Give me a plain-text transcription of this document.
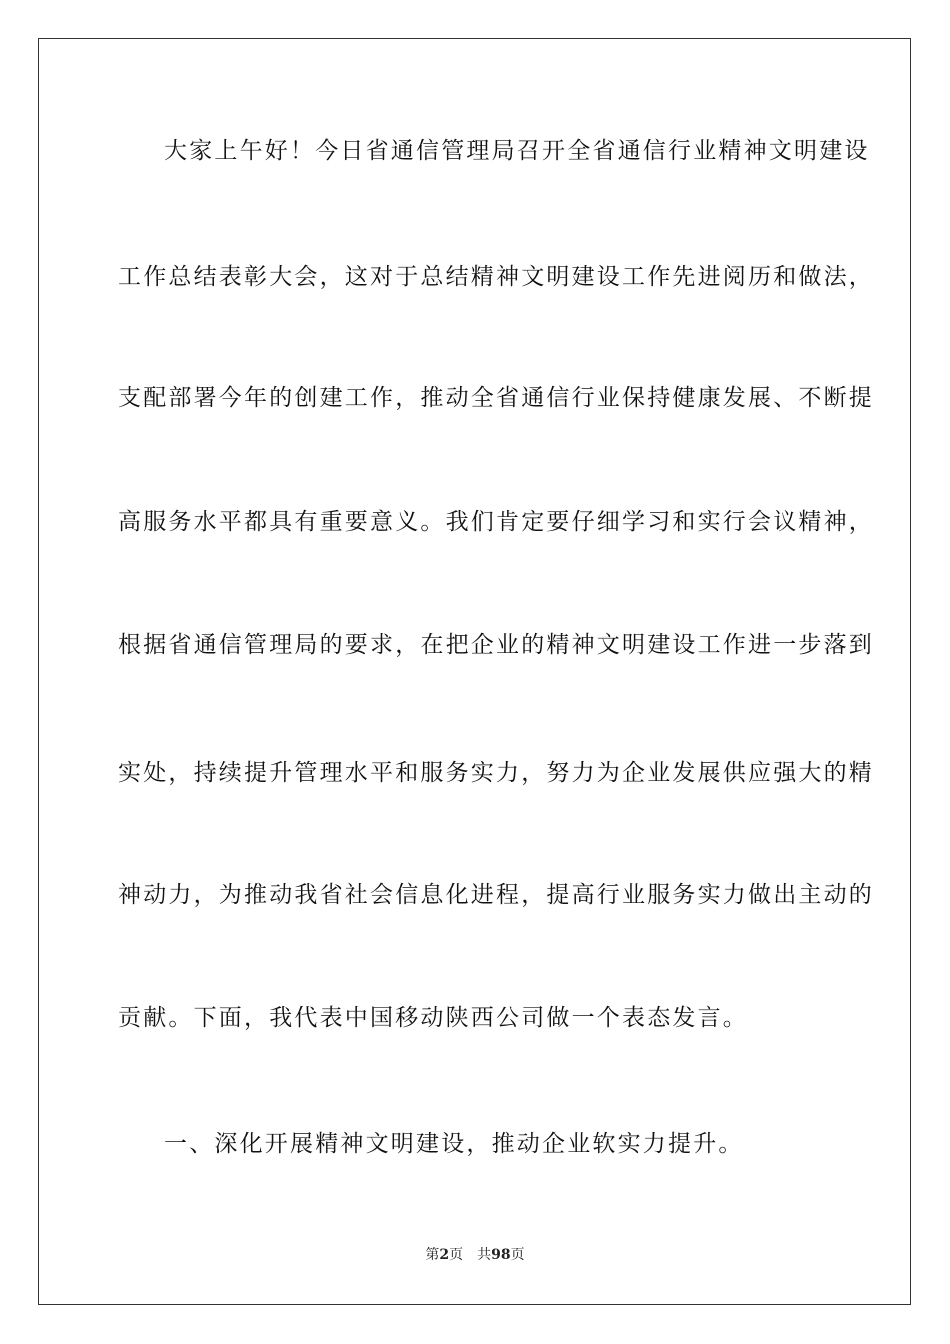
大家上午好！今日省通信管理局召开全省通信行业精神文明建设
工作总结表彰大会，这对于总结精神文明建设工作先进阅历和做法，
支配部署今年的创建工作，推动全省通信行业保持健康发展、不断提
高服务水平都具有重要意义。我们肯定要仔细学习和实行会议精神，
根据省通信管理局的要求，在把企业的精神文明建设工作进一步落到
实处，持续提升管理水平和服务实力，努力为企业发展供应强大的精
神动力，为推动我省社会信息化进程，提高行业服务实力做出主动的
贡献。下面，我代表中国移动陕西公司做一个表态发言。
一、深化开展精神文明建设，推动企业软实力提升。
第2页 共98页
